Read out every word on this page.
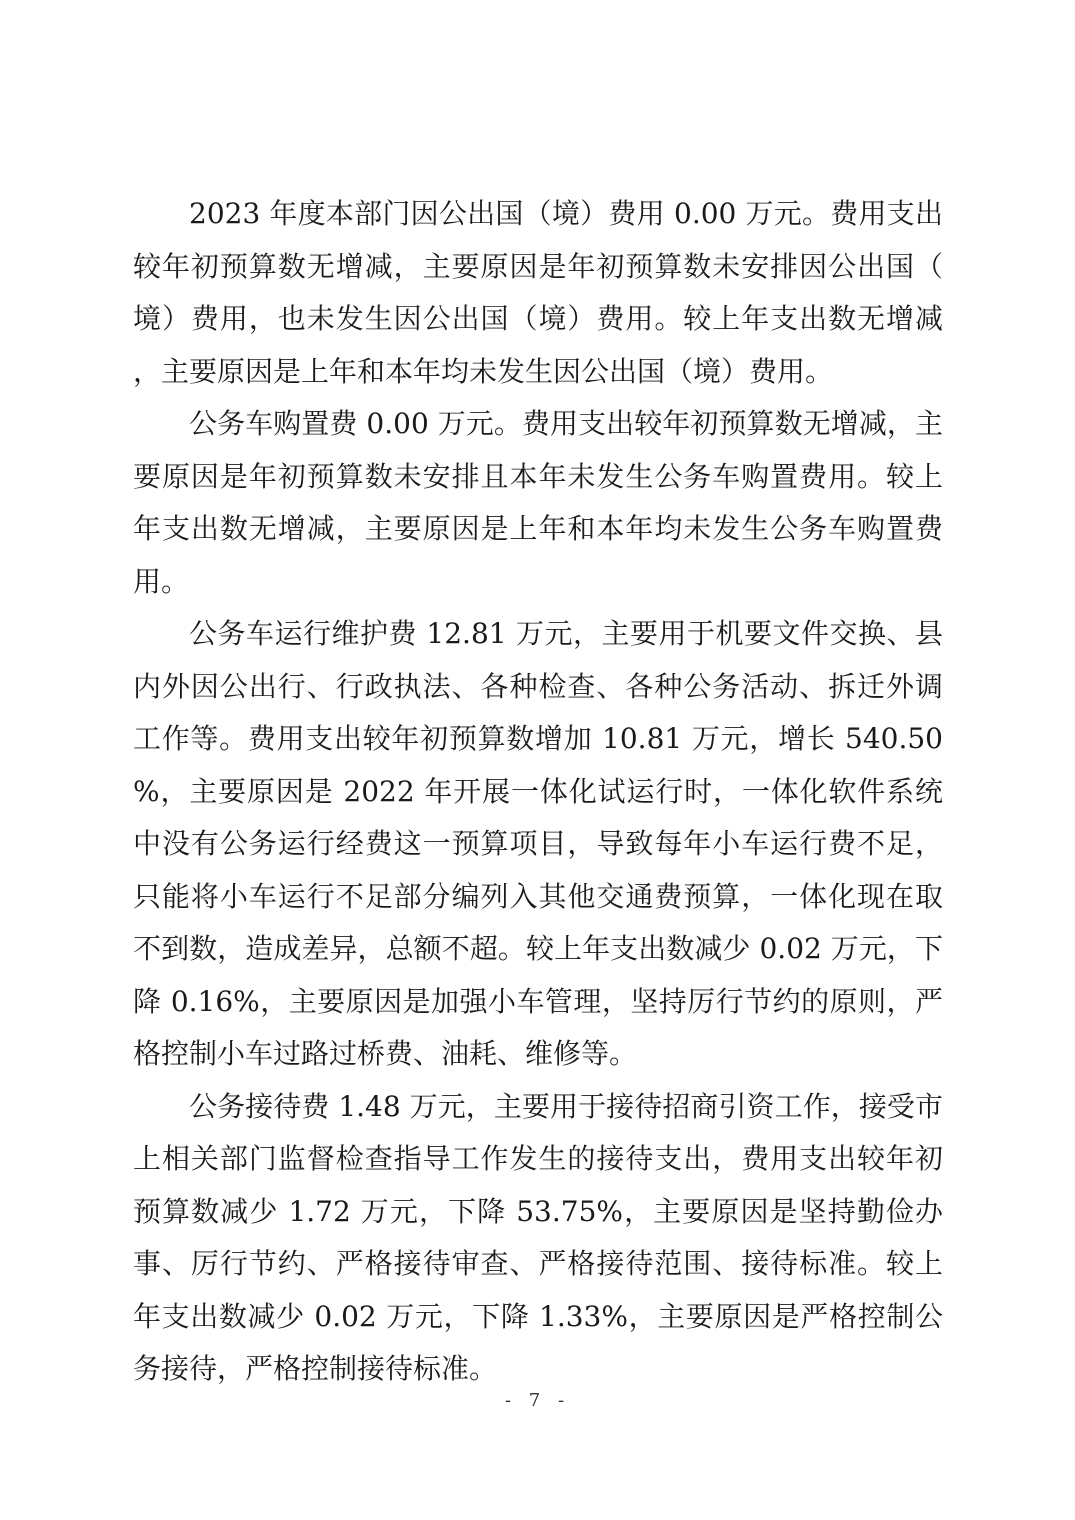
2023 年度本部门因公出国（境）费用 0.00 万元。费用支出较年初预算数无增减，主要原因是年初预算数未安排因公出国（境）费用，也未发生因公出国（境）费用。较上年支出数无增减，主要原因是上年和本年均未发生因公出国（境）费用。

公务车购置费 0.00 万元。费用支出较年初预算数无增减，主要原因是年初预算数未安排且本年未发生公务车购置费用。较上年支出数无增减，主要原因是上年和本年均未发生公务车购置费用。

公务车运行维护费 12.81 万元，主要用于机要文件交换、县内外因公出行、行政执法、各种检查、各种公务活动、拆迁外调工作等。费用支出较年初预算数增加 10.81 万元，增长 540.50%，主要原因是 2022 年开展一体化试运行时，一体化软件系统中没有公务运行经费这一预算项目，导致每年小车运行费不足，只能将小车运行不足部分编列入其他交通费预算，一体化现在取不到数，造成差异，总额不超。较上年支出数减少 0.02 万元，下降 0.16%，主要原因是加强小车管理，坚持厉行节约的原则，严格控制小车过路过桥费、油耗、维修等。

公务接待费 1.48 万元，主要用于接待招商引资工作，接受市上相关部门监督检查指导工作发生的接待支出，费用支出较年初预算数减少 1.72 万元，下降 53.75%，主要原因是坚持勤俭办事、厉行节约、严格接待审查、严格接待范围、接待标准。较上年支出数减少 0.02 万元，下降 1.33%，主要原因是严格控制公务接待，严格控制接待标准。

- 7 -
